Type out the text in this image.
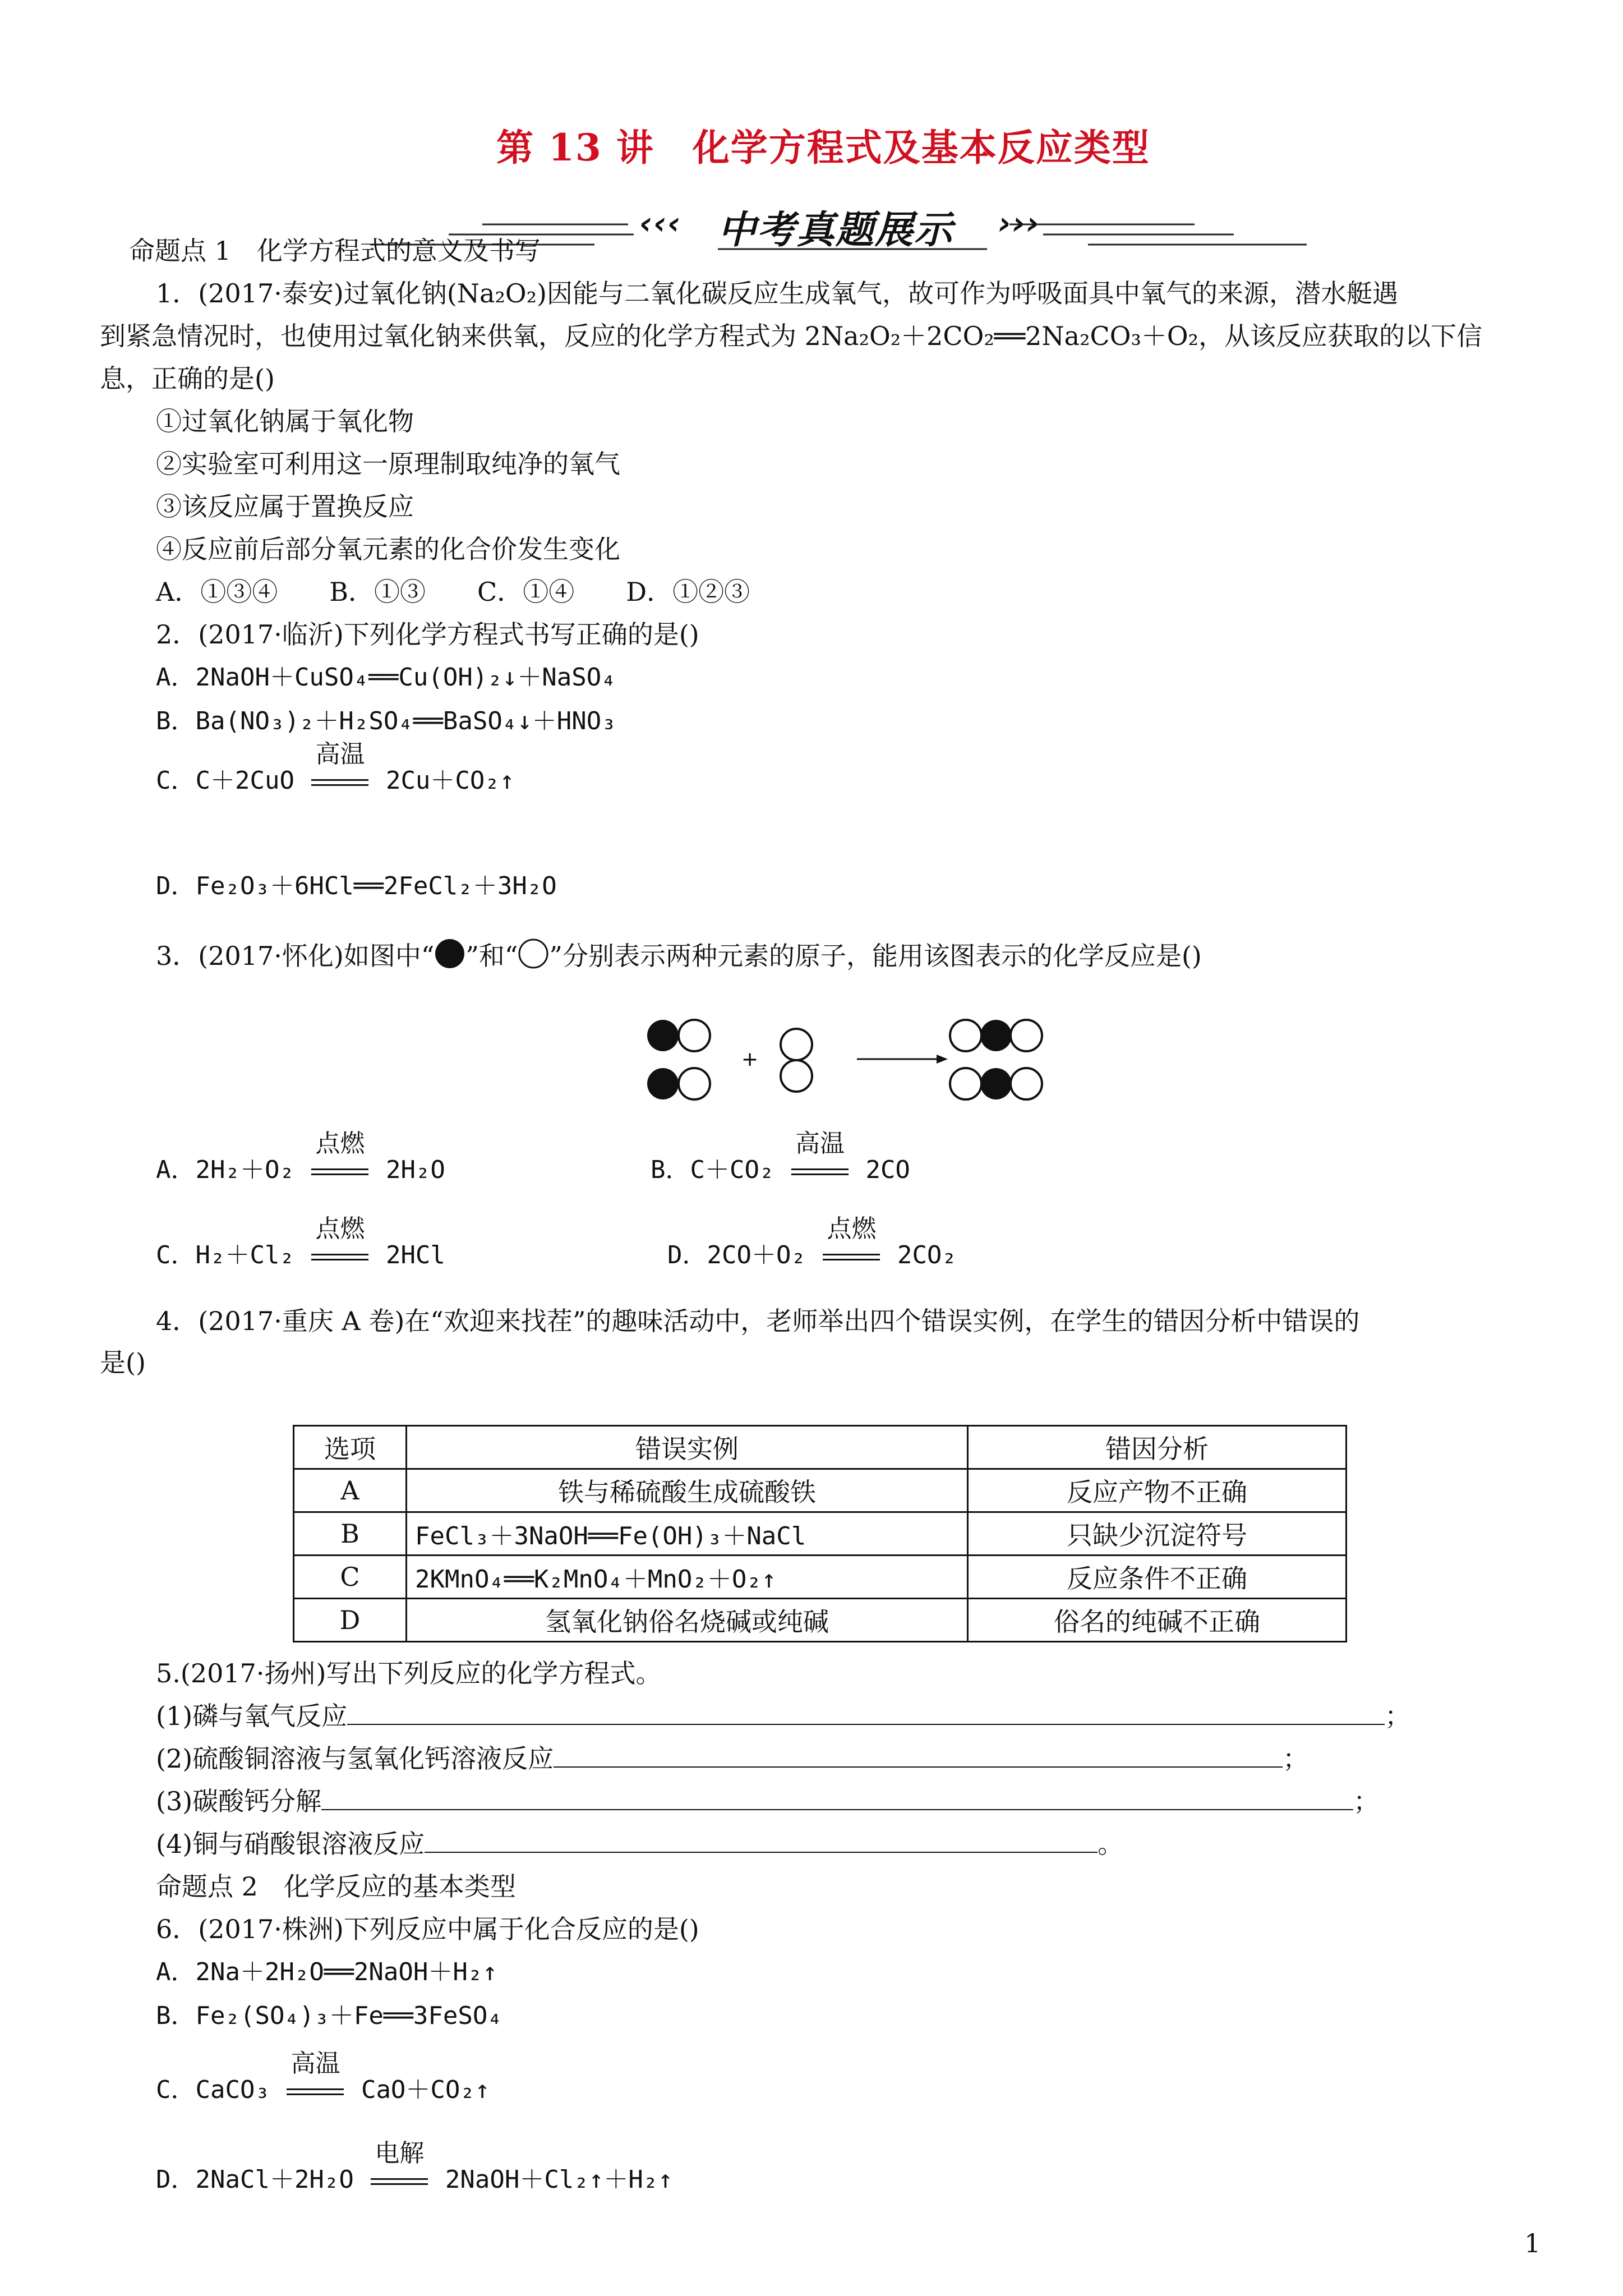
第 13 讲　化学方程式及基本反应类型
‹‹‹ 中考真题展示 ›››
命题点 1　化学方程式的意义及书写
1．(2017·泰安)过氧化钠(Na₂O₂)因能与二氧化碳反应生成氧气，故可作为呼吸面具中氧气的来源，潜水艇遇
到紧急情况时，也使用过氧化钠来供氧，反应的化学方程式为 2Na₂O₂＋2CO₂══2Na₂CO₃＋O₂，从该反应获取的以下信
息，正确的是()
①过氧化钠属于氧化物
②实验室可利用这一原理制取纯净的氧气
③该反应属于置换反应
④反应前后部分氧元素的化合价发生变化
A．①③④　　B．①③　　C．①④　　D．①②③
2．(2017·临沂)下列化学方程式书写正确的是()
A．2NaOH＋CuSO₄══Cu(OH)₂↓＋NaSO₄
B．Ba(NO₃)₂＋H₂SO₄══BaSO₄↓＋HNO₃
C．C＋2CuO
高温
2Cu＋CO₂↑
D．Fe₂O₃＋6HCl══2FeCl₂＋3H₂O
3．(2017·怀化)如图中“ ”和“ ”分别表示两种元素的原子，能用该图表示的化学反应是()
+
A．2H₂＋O₂
点燃
2H₂O	B．C＋CO₂
高温
2CO
C．H₂＋Cl₂
点燃
2HCl	D．2CO＋O₂
点燃
2CO₂
4．(2017·重庆 A 卷)在“欢迎来找茬”的趣味活动中，老师举出四个错误实例，在学生的错因分析中错误的
是()
选项	错误实例	错因分析
A	铁与稀硫酸生成硫酸铁	反应产物不正确
B	FeCl₃＋3NaOH══Fe(OH)₃＋NaCl	只缺少沉淀符号
C	2KMnO₄══K₂MnO₄＋MnO₂＋O₂↑	反应条件不正确
D	氢氧化钠俗名烧碱或纯碱	俗名的纯碱不正确
5.(2017·扬州)写出下列反应的化学方程式。
(1)磷与氧气反应	；
(2)硫酸铜溶液与氢氧化钙溶液反应	；
(3)碳酸钙分解	；
(4)铜与硝酸银溶液反应	。
命题点 2　化学反应的基本类型
6．(2017·株洲)下列反应中属于化合反应的是()
A．2Na＋2H₂O══2NaOH＋H₂↑
B．Fe₂(SO₄)₃＋Fe══3FeSO₄
C．CaCO₃
高温
CaO＋CO₂↑
D．2NaCl＋2H₂O
电解
2NaOH＋Cl₂↑＋H₂↑
1
